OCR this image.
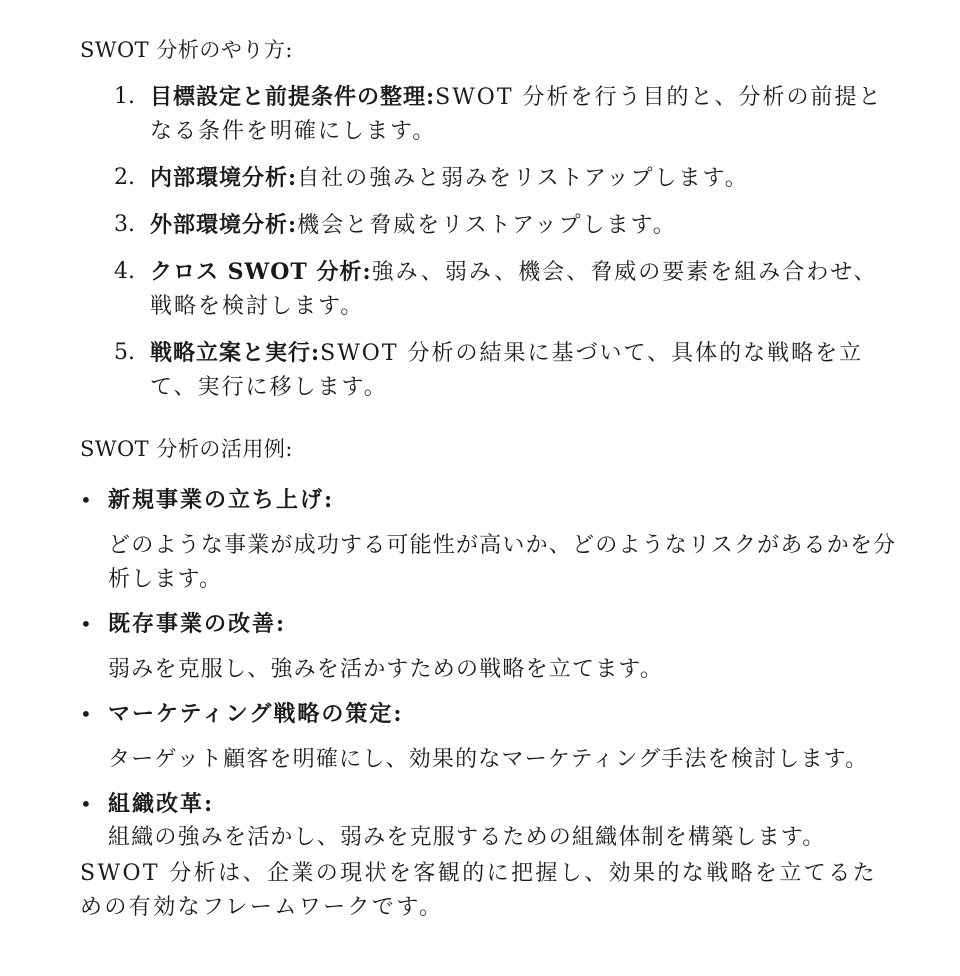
SWOT 分析のやり方:

1. 目標設定と前提条件の整理:SWOT 分析を行う目的と、分析の前提となる条件を明確にします。
2. 内部環境分析:自社の強みと弱みをリストアップします。
3. 外部環境分析:機会と脅威をリストアップします。
4. クロス SWOT 分析:強み、弱み、機会、脅威の要素を組み合わせ、戦略を検討します。
5. 戦略立案と実行:SWOT 分析の結果に基づいて、具体的な戦略を立て、実行に移します。

SWOT 分析の活用例:

• 新規事業の立ち上げ:
どのような事業が成功する可能性が高いか、どのようなリスクがあるかを分析します。
• 既存事業の改善:
弱みを克服し、強みを活かすための戦略を立てます。
• マーケティング戦略の策定:
ターゲット顧客を明確にし、効果的なマーケティング手法を検討します。
• 組織改革:
組織の強みを活かし、弱みを克服するための組織体制を構築します。

SWOT 分析は、企業の現状を客観的に把握し、効果的な戦略を立てるための有効なフレームワークです。
